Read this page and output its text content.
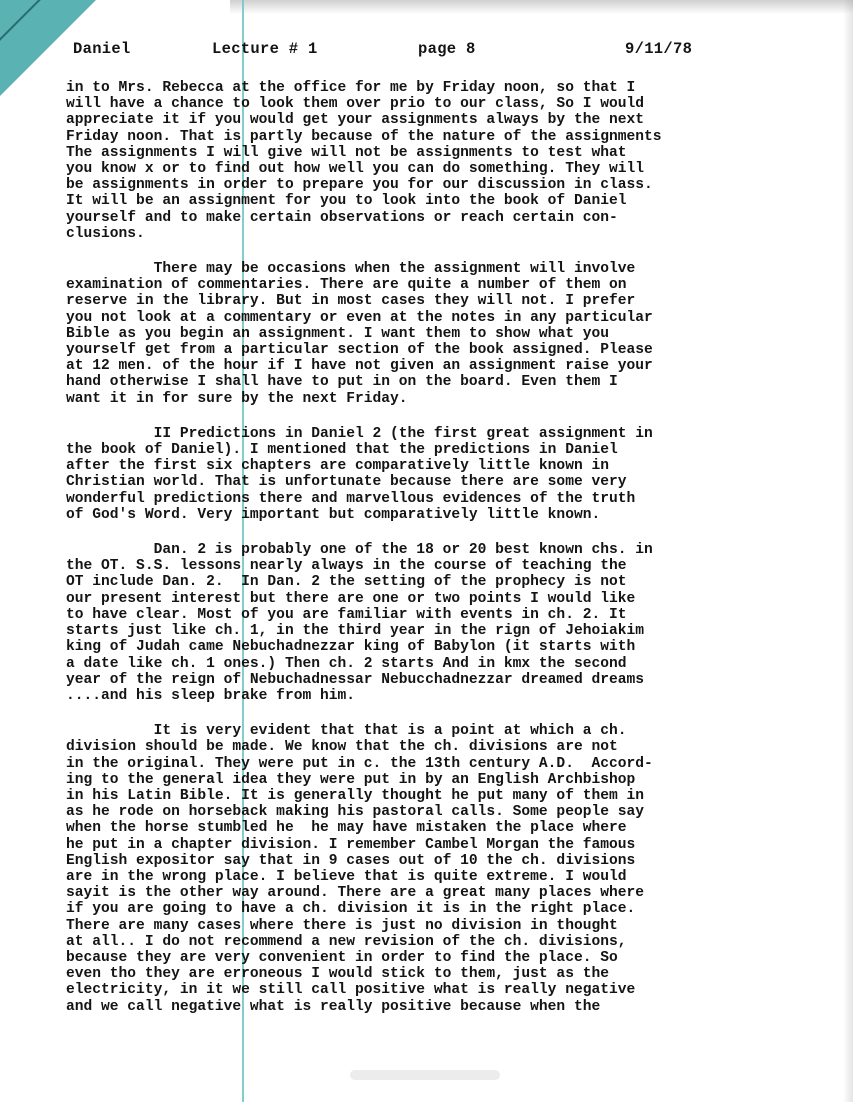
Daniel	Lecture # 1	page 8	9/11/78

in to Mrs. Rebecca at the office for me by Friday noon, so that I
will have a chance to look them over prio to our class, So I would
appreciate it if you would get your assignments always by the next
Friday noon. That is partly because of the nature of the assignments
The assignments I will give will not be assignments to test what
you know x or to find out how well you can do something. They will
be assignments in order to prepare you for our discussion in class.
It will be an assignment for you to look into the book of Daniel
yourself and to make certain observations or reach certain con-
clusions.

There may be occasions when the assignment will involve
examination of commentaries. There are quite a number of them on
reserve in the library. But in most cases they will not. I prefer
you not look at a commentary or even at the notes in any particular
Bible as you begin an assignment. I want them to show what you
yourself get from a particular section of the book assigned. Please
at 12 men. of the hour if I have not given an assignment raise your
hand otherwise I shall have to put in on the board. Even them I
want it in for sure by the next Friday.

II Predictions in Daniel 2 (the first great assignment in
the book of Daniel). I mentioned that the predictions in Daniel
after the first six chapters are comparatively little known in
Christian world. That is unfortunate because there are some very
wonderful predictions there and marvellous evidences of the truth
of God's Word. Very important but comparatively little known.

Dan. 2 is probably one of the 18 or 20 best known chs. in
the OT. S.S. lessons nearly always in the course of teaching the
OT include Dan. 2.  In Dan. 2 the setting of the prophecy is not
our present interest but there are one or two points I would like
to have clear. Most of you are familiar with events in ch. 2. It
starts just like ch. 1, in the third year in the rign of Jehoiakim
king of Judah came Nebuchadnezzar king of Babylon (it starts with
a date like ch. 1 ones.) Then ch. 2 starts And in kmx the second
year of the reign of Nebuchadnessar Nebucchadnezzar dreamed dreams
....and his sleep brake from him.

It is very evident that that is a point at which a ch.
division should be made. We know that the ch. divisions are not
in the original. They were put in c. the 13th century A.D.  Accord-
ing to the general idea they were put in by an English Archbishop
in his Latin Bible. It is generally thought he put many of them in
as he rode on horseback making his pastoral calls. Some people say
when the horse stumbled he  he may have mistaken the place where
he put in a chapter division. I remember Cambel Morgan the famous
English expositor say that in 9 cases out of 10 the ch. divisions
are in the wrong place. I believe that is quite extreme. I would
sayit is the other way around. There are a great many places where
if you are going to have a ch. division it is in the right place.
There are many cases where there is just no division in thought
at all.. I do not recommend a new revision of the ch. divisions,
because they are very convenient in order to find the place. So
even tho they are erroneous I would stick to them, just as the
electricity, in it we still call positive what is really negative
and we call negative what is really positive because when the
